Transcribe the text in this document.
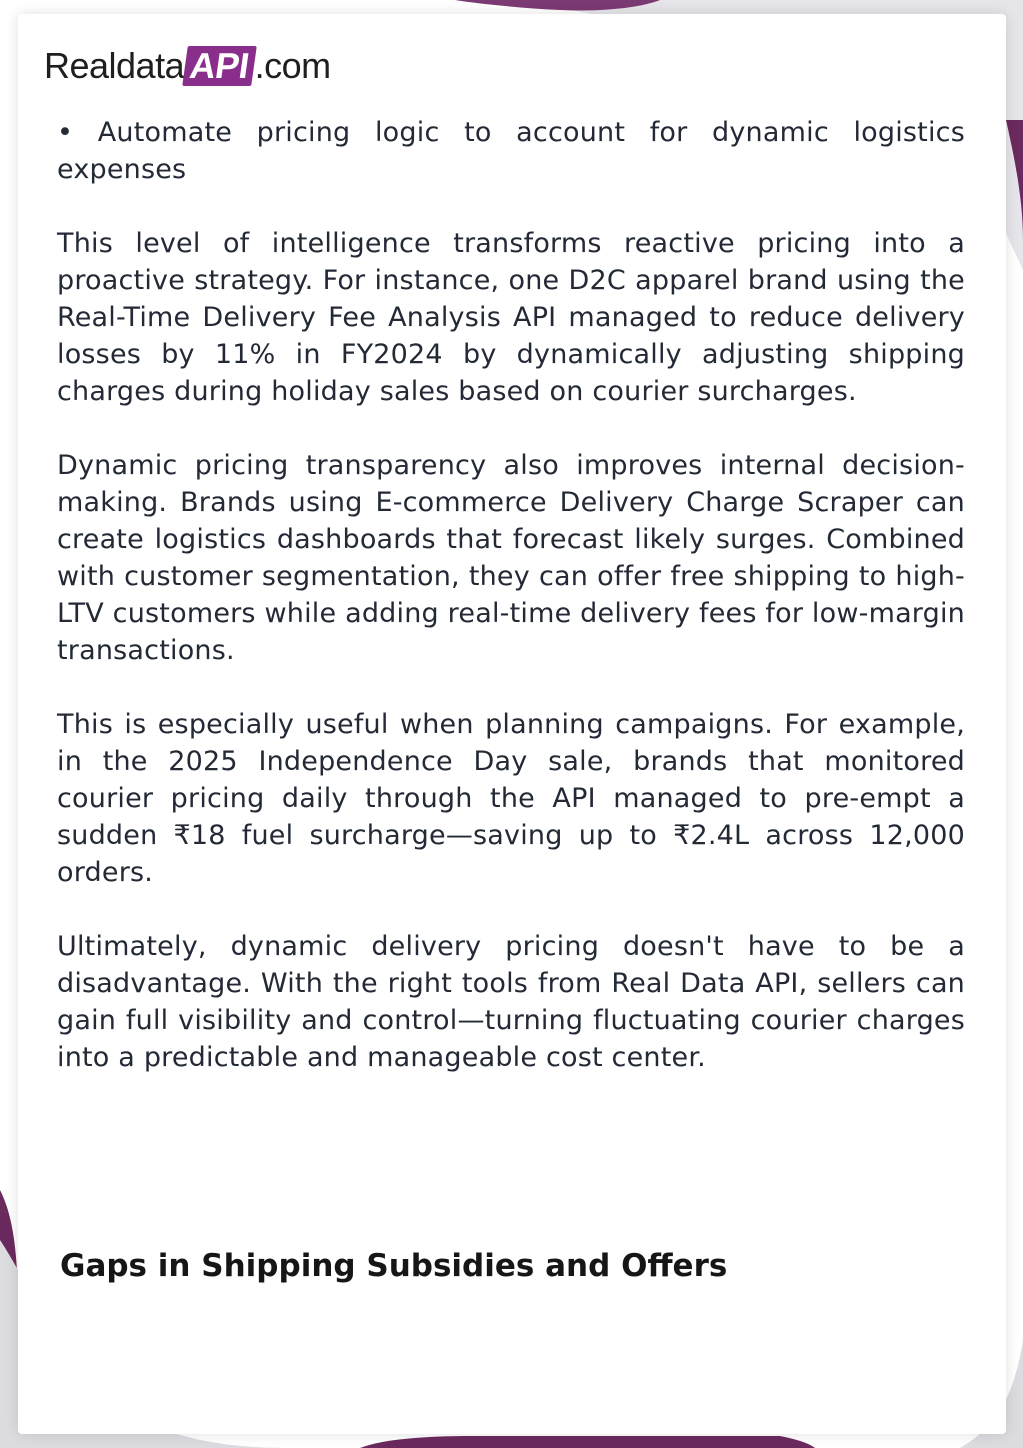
Realdata API .com

• Automate pricing logic to account for dynamic logistics expenses

This level of intelligence transforms reactive pricing into a proactive strategy. For instance, one D2C apparel brand using the Real-Time Delivery Fee Analysis API managed to reduce delivery losses by 11% in FY2024 by dynamically adjusting shipping charges during holiday sales based on courier surcharges.

Dynamic pricing transparency also improves internal decision-making. Brands using E-commerce Delivery Charge Scraper can create logistics dashboards that forecast likely surges. Combined with customer segmentation, they can offer free shipping to high-LTV customers while adding real-time delivery fees for low-margin transactions.

This is especially useful when planning campaigns. For example, in the 2025 Independence Day sale, brands that monitored courier pricing daily through the API managed to pre-empt a sudden ₹18 fuel surcharge—saving up to ₹2.4L across 12,000 orders.

Ultimately, dynamic delivery pricing doesn't have to be a disadvantage. With the right tools from Real Data API, sellers can gain full visibility and control—turning fluctuating courier charges into a predictable and manageable cost center.

Gaps in Shipping Subsidies and Offers
